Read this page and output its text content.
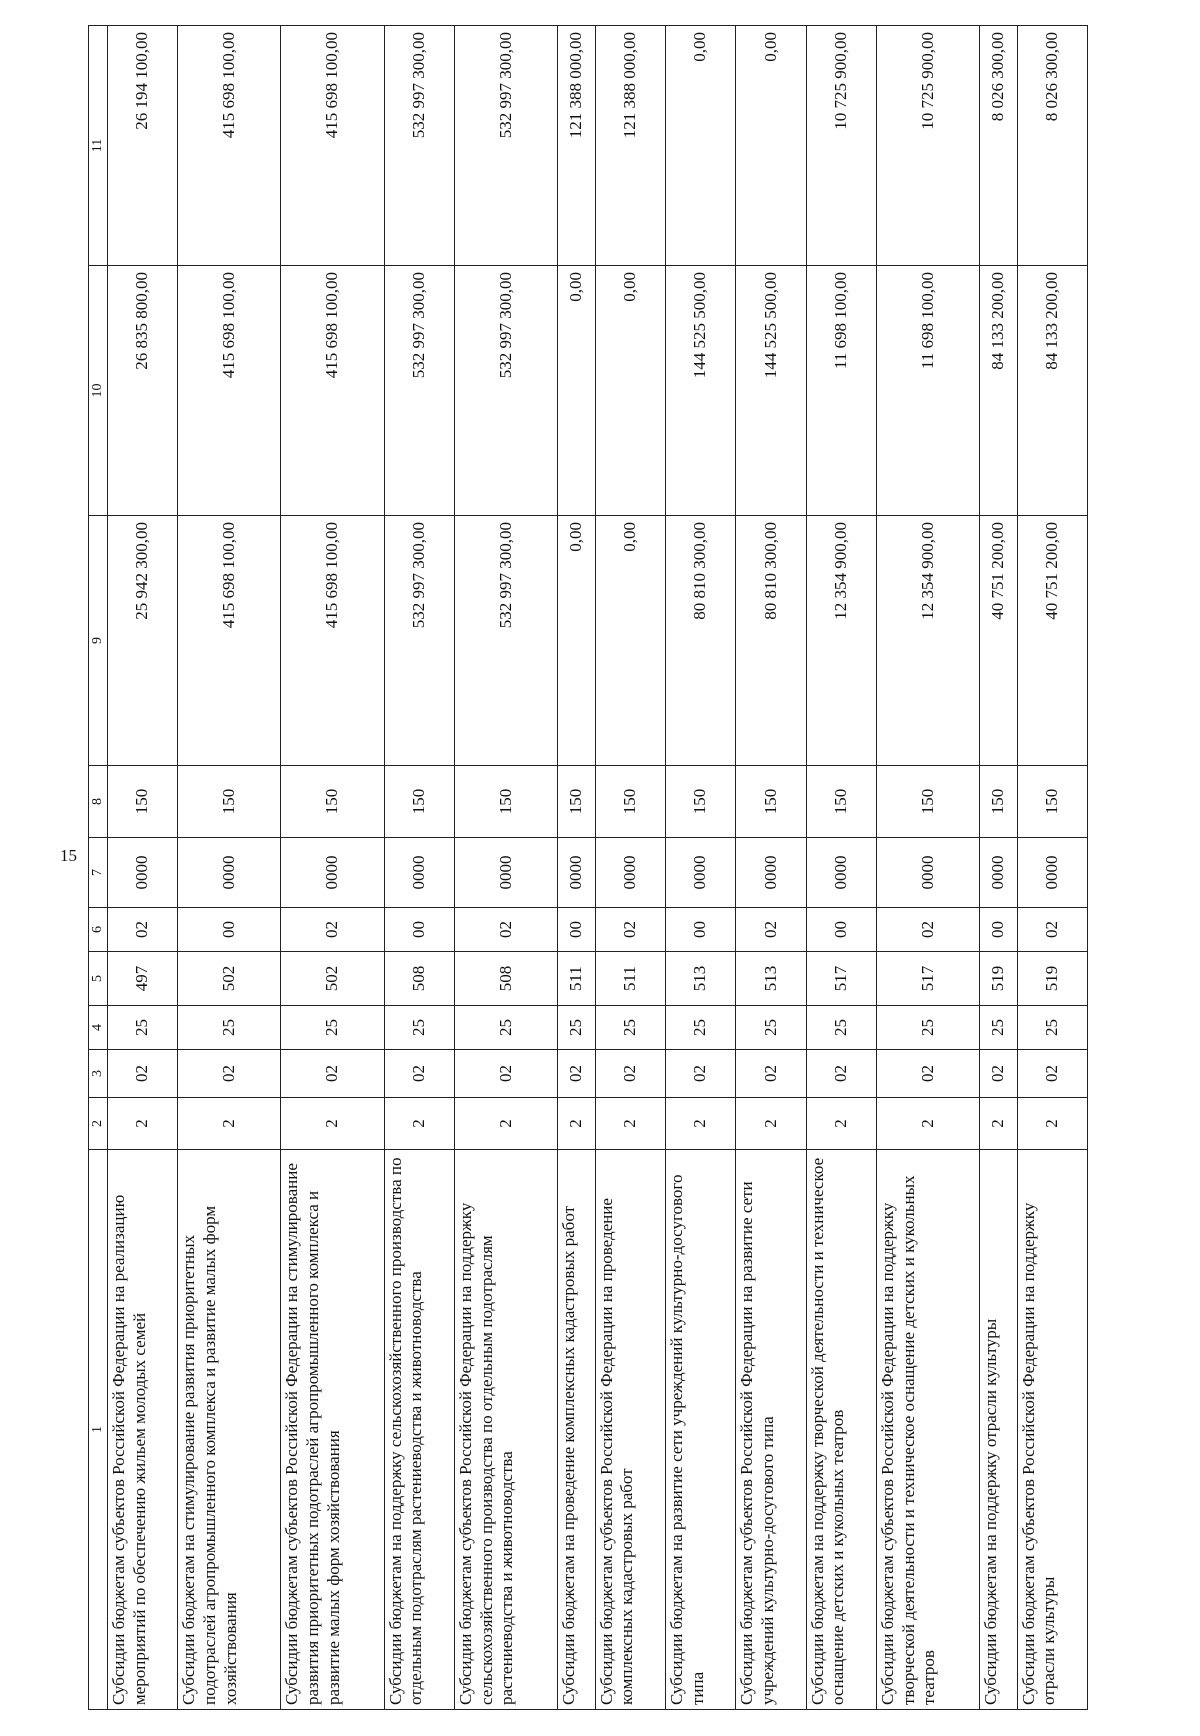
15
1	2	3	4	5	6	7	8	9	10	11
Субсидии бюджетам субъектов Российской Федерации на реализацию мероприятий по обеспечению жильем молодых семей	2	02	25	497	02	0000	150	25 942 300,00	26 835 800,00	26 194 100,00
Субсидии бюджетам на стимулирование развития приоритетных подотраслей агропромышленного комплекса и развитие малых форм хозяйствования	2	02	25	502	00	0000	150	415 698 100,00	415 698 100,00	415 698 100,00
Субсидии бюджетам субъектов Российской Федерации на стимулирование развития приоритетных подотраслей агропромышленного комплекса и развитие малых форм хозяйствования	2	02	25	502	02	0000	150	415 698 100,00	415 698 100,00	415 698 100,00
Субсидии бюджетам на поддержку сельскохозяйственного производства по отдельным подотраслям растениеводства и животноводства	2	02	25	508	00	0000	150	532 997 300,00	532 997 300,00	532 997 300,00
Субсидии бюджетам субъектов Российской Федерации на поддержку сельскохозяйственного производства по отдельным подотраслям растениеводства и животноводства	2	02	25	508	02	0000	150	532 997 300,00	532 997 300,00	532 997 300,00
Субсидии бюджетам на проведение комплексных кадастровых работ	2	02	25	511	00	0000	150	0,00	0,00	121 388 000,00
Субсидии бюджетам субъектов Российской Федерации на проведение комплексных кадастровых работ	2	02	25	511	02	0000	150	0,00	0,00	121 388 000,00
Субсидии бюджетам на развитие сети учреждений культурно-досугового типа	2	02	25	513	00	0000	150	80 810 300,00	144 525 500,00	0,00
Субсидии бюджетам субъектов Российской Федерации на развитие сети учреждений культурно-досугового типа	2	02	25	513	02	0000	150	80 810 300,00	144 525 500,00	0,00
Субсидии бюджетам на поддержку творческой деятельности и техническое оснащение детских и кукольных театров	2	02	25	517	00	0000	150	12 354 900,00	11 698 100,00	10 725 900,00
Субсидии бюджетам субъектов Российской Федерации на поддержку творческой деятельности и техническое оснащение детских и кукольных театров	2	02	25	517	02	0000	150	12 354 900,00	11 698 100,00	10 725 900,00
Субсидии бюджетам на поддержку отрасли культуры	2	02	25	519	00	0000	150	40 751 200,00	84 133 200,00	8 026 300,00
Субсидии бюджетам субъектов Российской Федерации на поддержку отрасли культуры	2	02	25	519	02	0000	150	40 751 200,00	84 133 200,00	8 026 300,00
